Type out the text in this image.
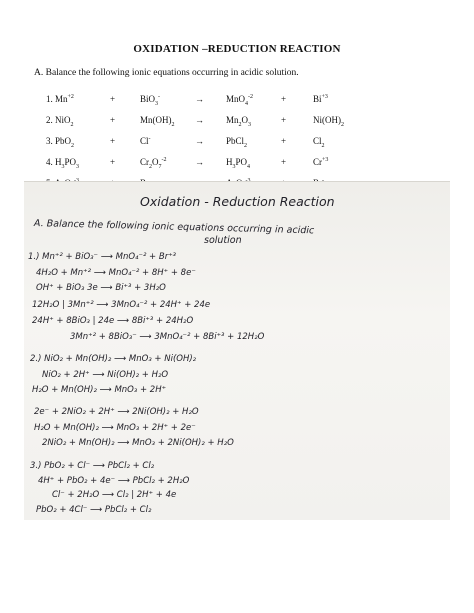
OXIDATION –REDUCTION REACTION
A. Balance the following ionic equations occurring in acidic solution.
1. $Mn^{+2}$	+	BiO$_3$-	→	MnO$_4^{-2}$	+	$Bi^{+3}$
2. NiO$_2$	+	$Mn(OH)_2$	→	$Mn_2O_3$	+	$Ni(OH)_2$
3. PbO$_2$	+	Cl-	→	PbCl$_2$	+	$Cl_2$
4. $H_3PO_3$	+	$Cr_2O_7^{-2}$	→	$H_3PO_4$	+	$Cr^{+3}$

Oxidation - Reduction Reaction
A. Balance the following ionic equations occurring in acidic
solution
1.) Mn⁺² + BiO₃⁻ ⟶ MnO₄⁻² + Br⁺³
4H₂O + Mn⁺² ⟶ MnO₄⁻² + 8H⁺ + 8e⁻
OH⁺ + BiO₃ 3e ⟶ Bi⁺³ + 3H₂O
12H₂O | 3Mn⁺² ⟶ 3MnO₄⁻² + 24H⁺ + 24e
24H⁺ + 8BiO₃ | 24e ⟶ 8Bi⁺³ + 24H₂O
3Mn⁺² + 8BiO₃⁻ ⟶ 3MnO₄⁻² + 8Bi⁺³ + 12H₂O
2.) NiO₂ + Mn(OH)₂ ⟶ MnO₃ + Ni(OH)₂
NiO₂ + 2H⁺ ⟶ Ni(OH)₂ + H₂O
H₂O + Mn(OH)₂ ⟶ MnO₃ + 2H⁺
2e⁻ + 2NiO₂ + 2H⁺ ⟶ 2Ni(OH)₂ + H₂O
H₂O + Mn(OH)₂ ⟶ MnO₃ + 2H⁺ + 2e⁻
2NiO₂ + Mn(OH)₂ ⟶ MnO₃ + 2Ni(OH)₂ + H₂O
3.) PbO₂ + Cl⁻ ⟶ PbCl₂ + Cl₂
4H⁺ + PbO₂ + 4e⁻ ⟶ PbCl₂ + 2H₂O
Cl⁻ + 2H₂O ⟶ Cl₂ | 2H⁺ + 4e
PbO₂ + 4Cl⁻ ⟶ PbCl₂ + Cl₂
